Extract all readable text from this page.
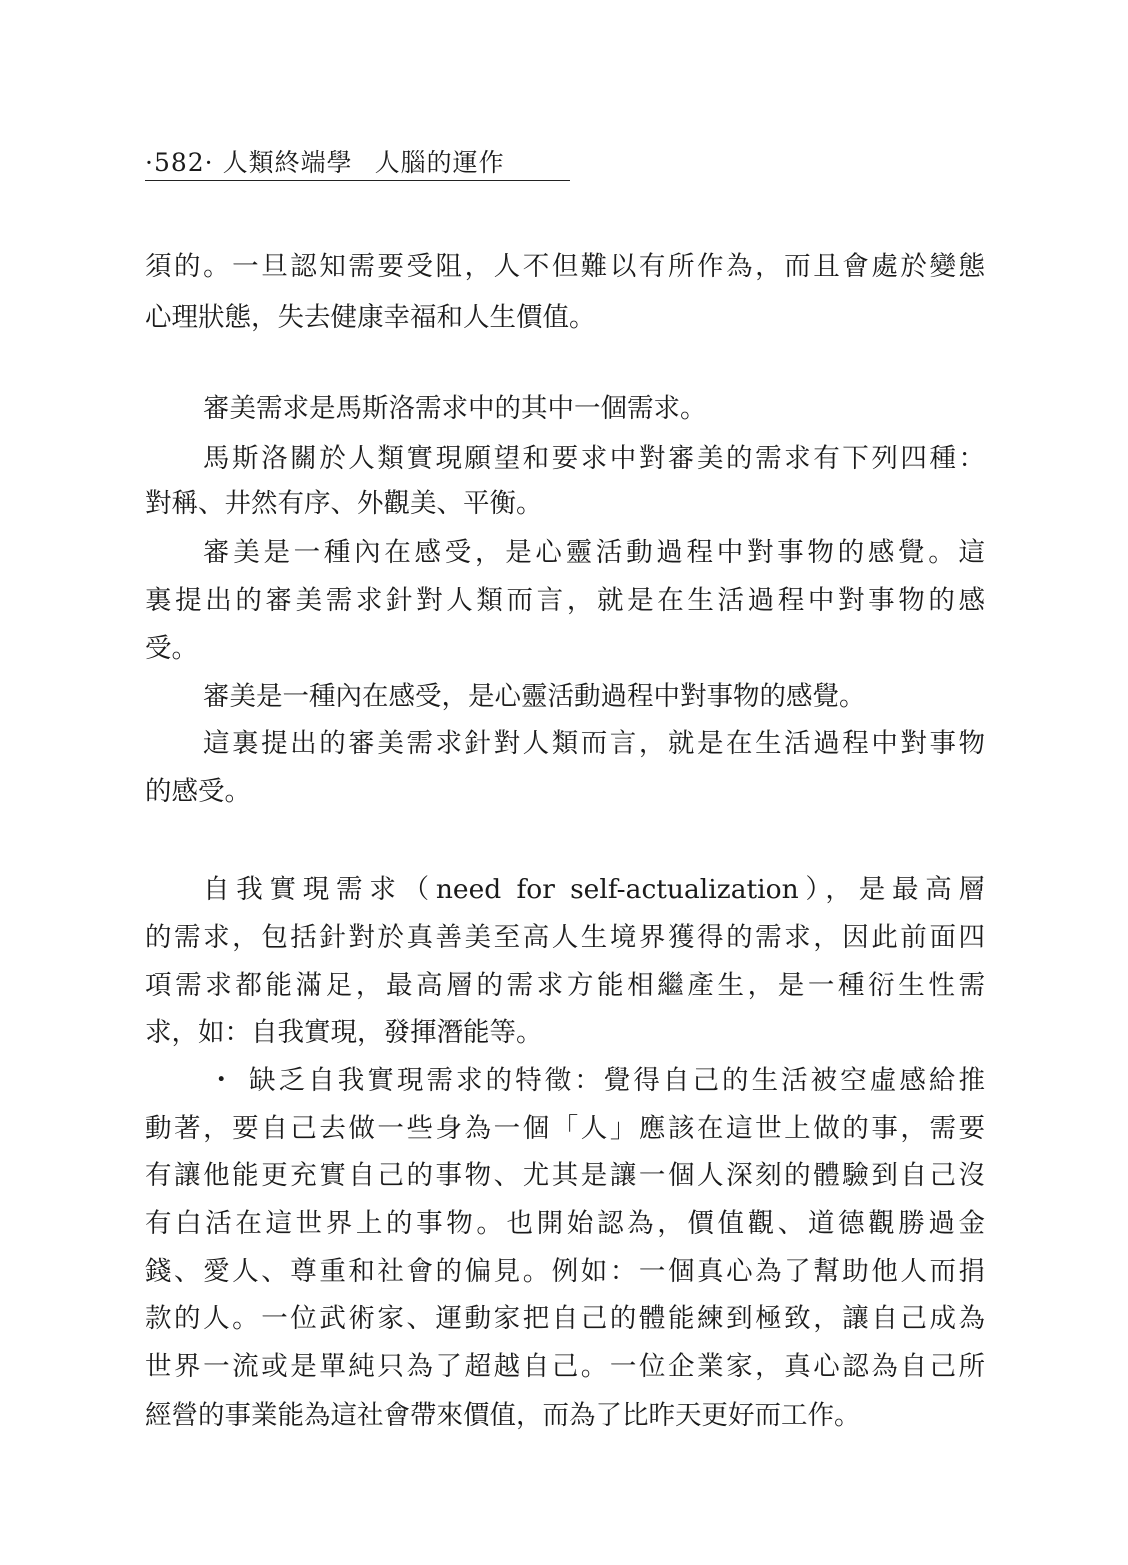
·582· 人類終端學 人腦的運作
須的。一旦認知需要受阻，人不但難以有所作為，而且會處於變態
心理狀態，失去健康幸福和人生價值。
審美需求是馬斯洛需求中的其中一個需求。
馬斯洛關於人類實現願望和要求中對審美的需求有下列四種：
對稱、井然有序、外觀美、平衡。
審美是一種內在感受，是心靈活動過程中對事物的感覺。這
裏提出的審美需求針對人類而言，就是在生活過程中對事物的感
受。
審美是一種內在感受，是心靈活動過程中對事物的感覺。
這裏提出的審美需求針對人類而言，就是在生活過程中對事物
的感受。
自我實現需求（need for self-actualization），是最高層
的需求，包括針對於真善美至高人生境界獲得的需求，因此前面四
項需求都能滿足，最高層的需求方能相繼產生，是一種衍生性需
求，如：自我實現，發揮潛能等。
・ 缺乏自我實現需求的特徵：覺得自己的生活被空虛感給推
動著，要自己去做一些身為一個「人」應該在這世上做的事，需要
有讓他能更充實自己的事物、尤其是讓一個人深刻的體驗到自己沒
有白活在這世界上的事物。也開始認為，價值觀、道德觀勝過金
錢、愛人、尊重和社會的偏見。例如：一個真心為了幫助他人而捐
款的人。一位武術家、運動家把自己的體能練到極致，讓自己成為
世界一流或是單純只為了超越自己。一位企業家，真心認為自己所
經營的事業能為這社會帶來價值，而為了比昨天更好而工作。
